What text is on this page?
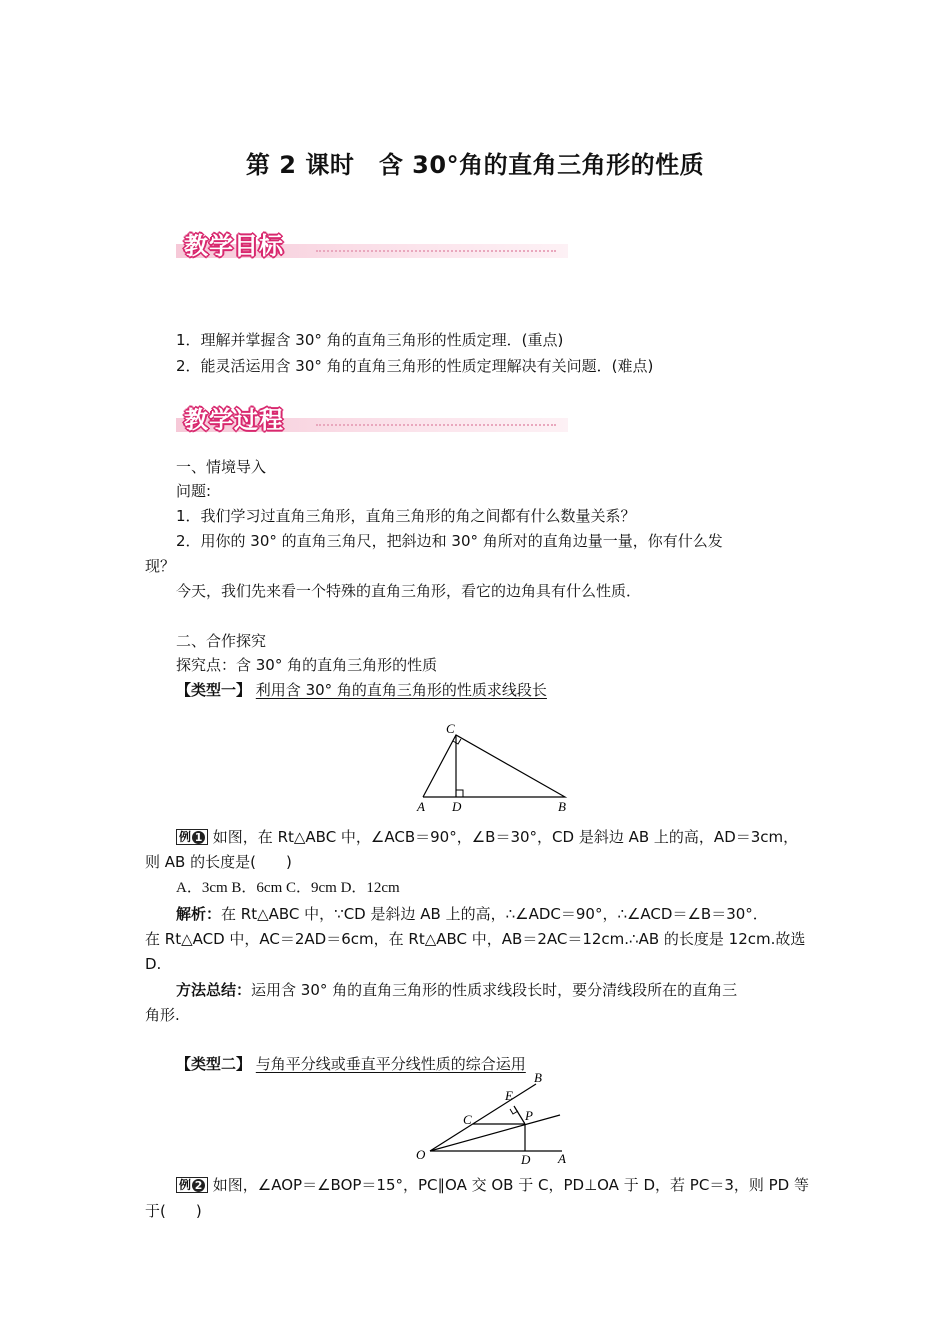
第 2 课时　含 30°角的直角三角形的性质
教学目标
1．理解并掌握含 30° 角的直角三角形的性质定理．(重点)
2．能灵活运用含 30° 角的直角三角形的性质定理解决有关问题．(难点)
教学过程
一、情境导入
问题:
1．我们学习过直角三角形，直角三角形的角之间都有什么数量关系？
2．用你的 30° 的直角三角尺，把斜边和 30° 角所对的直角边量一量，你有什么发
现？
今天，我们先来看一个特殊的直角三角形，看它的边角具有什么性质．
二、合作探究
探究点：含 30° 角的直角三角形的性质
【类型一】 利用含 30° 角的直角三角形的性质求线段长
C
A D	B
例 1 如图，在 Rt△ABC 中，∠ACB＝90°，∠B＝30°，CD 是斜边 AB 上的高，AD＝3cm，
则 AB 的长度是(　　)
A．3cm B．6cm C．9cm D．12cm
解析：在 Rt△ABC 中，∵CD 是斜边 AB 上的高，∴∠ADC＝90°，∴∠ACD＝∠B＝30°．
在 Rt△ACD 中，AC＝2AD＝6cm，在 Rt△ABC 中，AB＝2AC＝12cm.∴AB 的长度是 12cm.故选
D.
方法总结：运用含 30° 角的直角三角形的性质求线段长时，要分清线段所在的直角三
角形.
【类型二】 与角平分线或垂直平分线性质的综合运用
O	A
B
C
D
E
P
例 2 如图，∠AOP＝∠BOP＝15°，PC∥OA 交 OB 于 C，PD⊥OA 于 D，若 PC＝3，则 PD 等
于(　　)
